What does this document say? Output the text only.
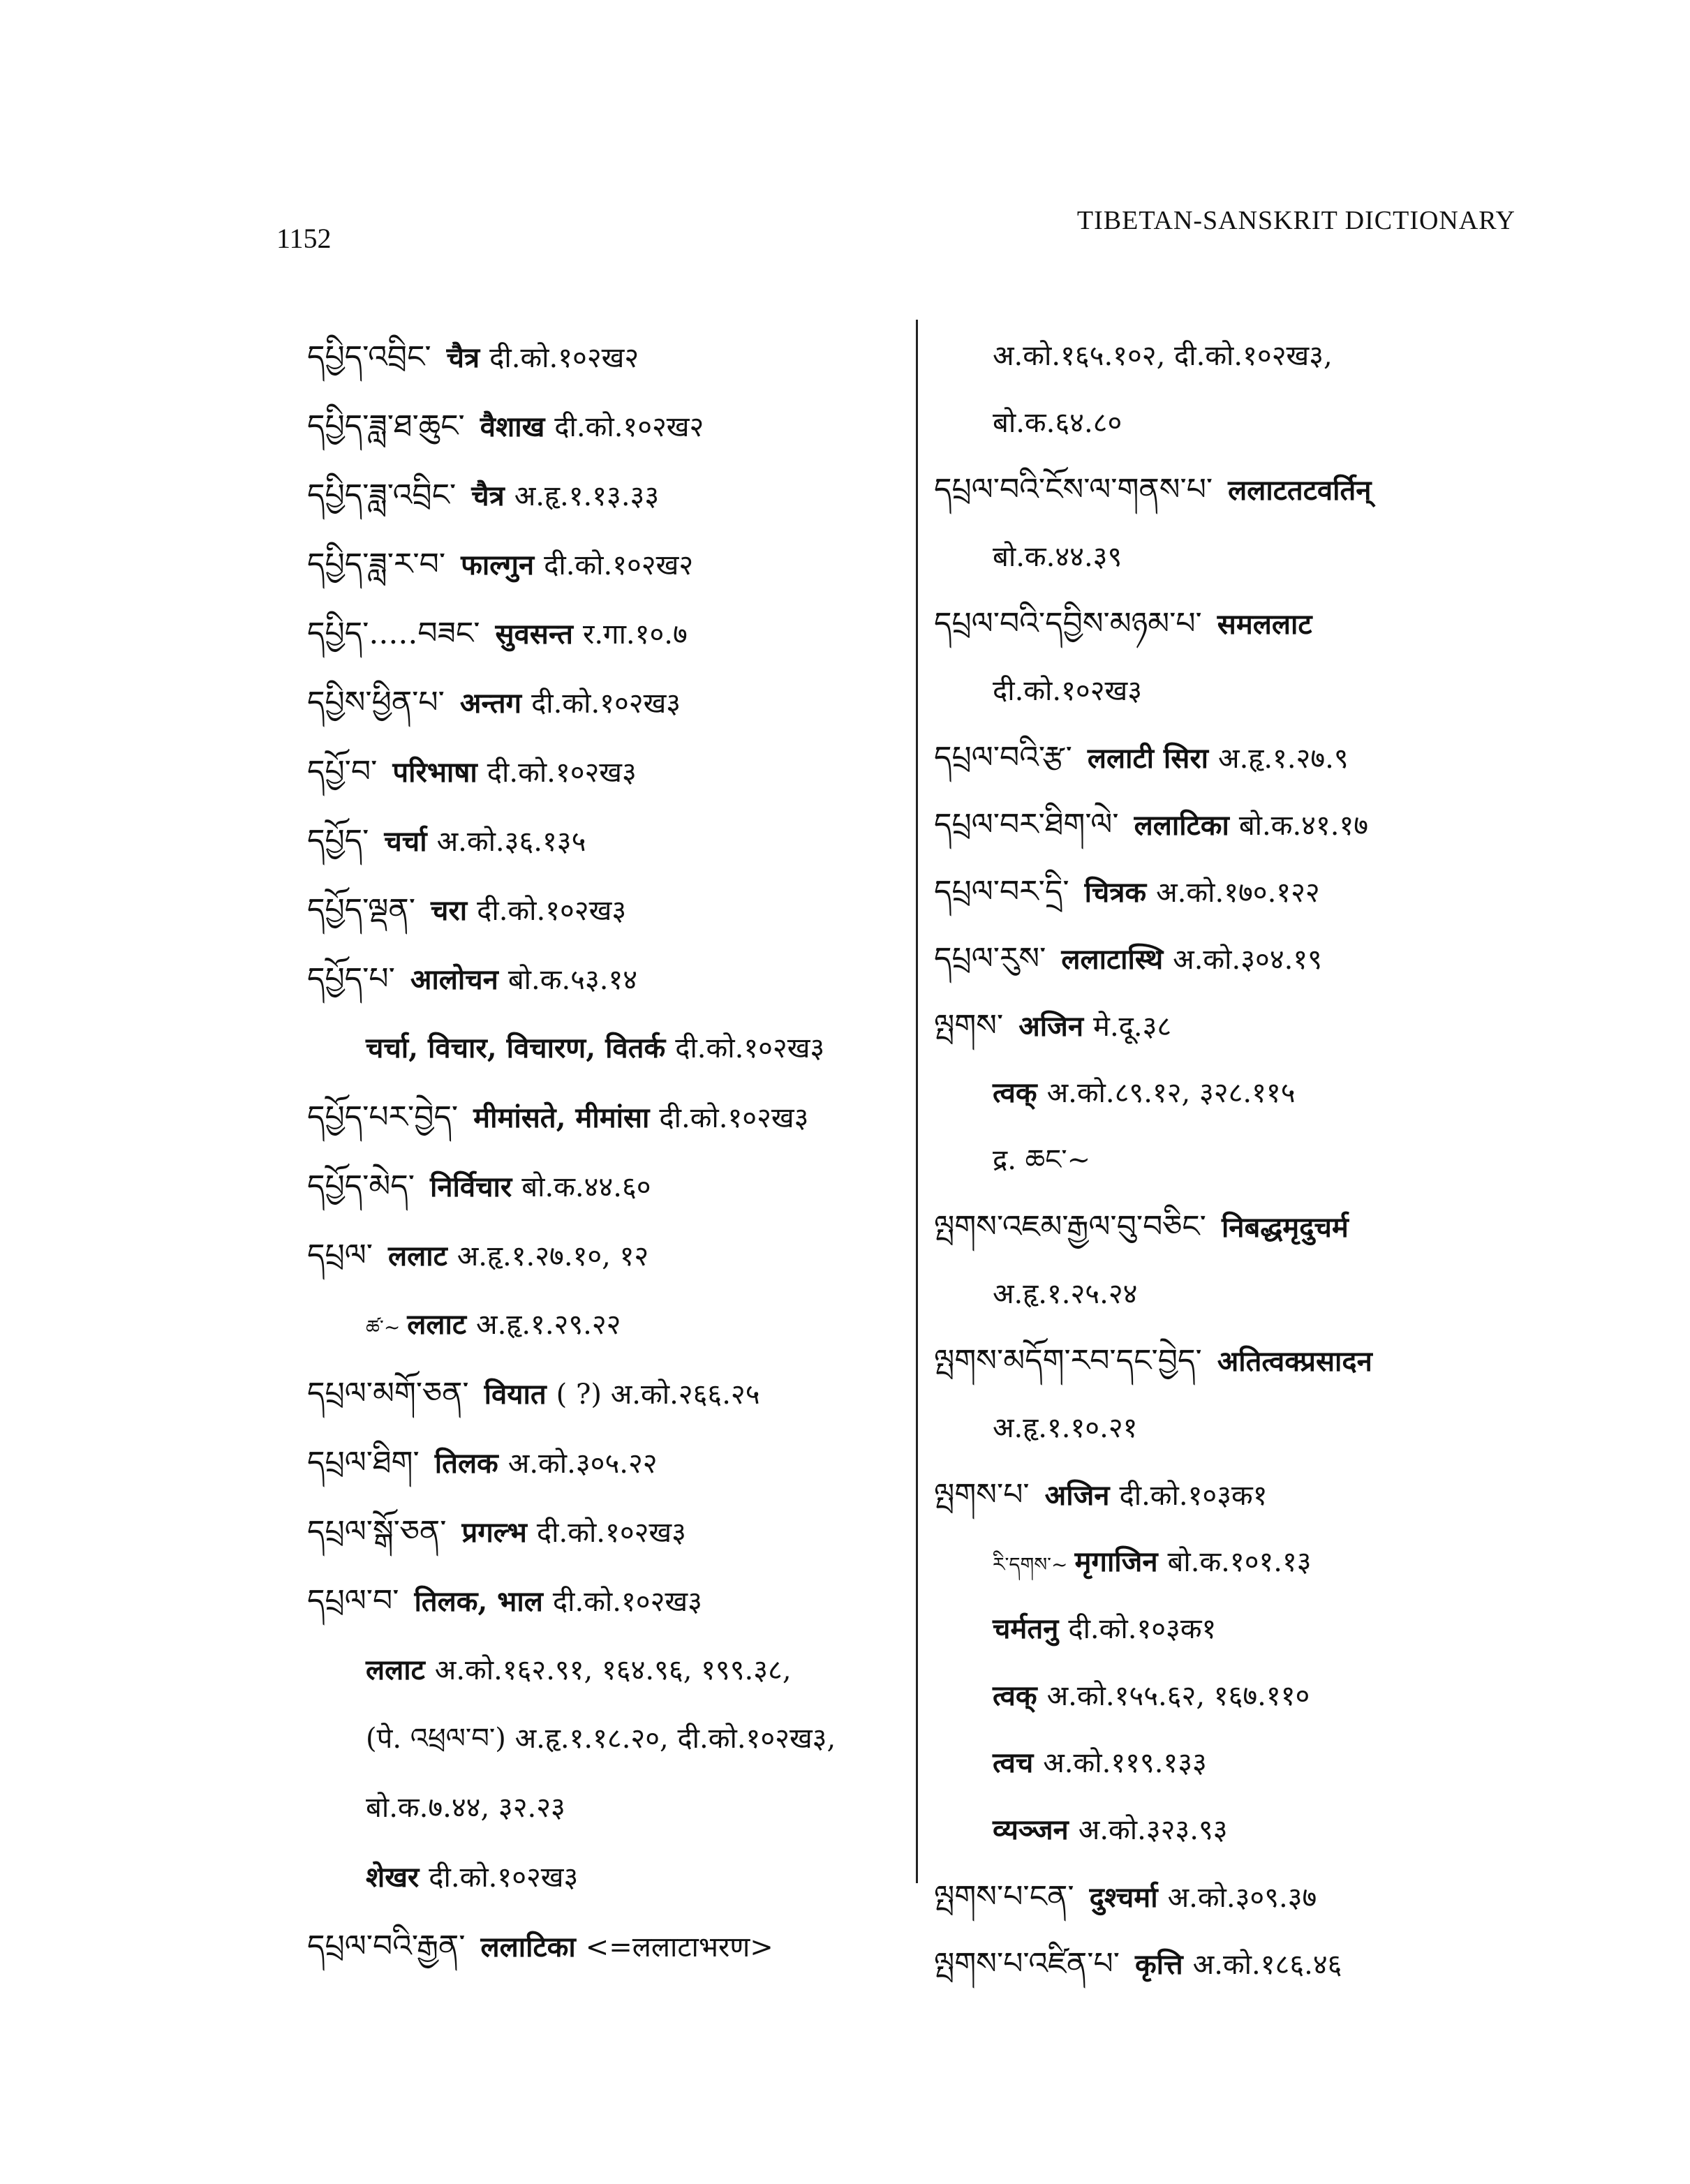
1152
TIBETAN-SANSKRIT DICTIONARY
དཔྱིད་འབྲིང་ चैत्र दी.को.१०२ख२
དཔྱིད་ཟླ་ཐ་ཆུང་ वैशाख दी.को.१०२ख२
དཔྱིད་ཟླ་འབྲིང་ चैत्र अ.हृ.१.१३.३३
དཔྱིད་ཟླ་ར་བ་ फाल्गुन दी.को.१०२ख२
དཔྱིད་.....བཟང་ सुवसन्त र.गा.१०.७
དཔྱིས་ཕྱིན་པ་ अन्तग दी.को.१०२ख३
དཔྱོ་བ་ परिभाषा दी.को.१०२ख३
དཔྱོད་ चर्चा अ.को.३६.१३५
དཔྱོད་ལྡན་ चरा दी.को.१०२ख३
དཔྱོད་པ་ आलोचन बो.क.५३.१४
चर्चा, विचार, विचारण, वितर्क दी.को.१०२ख३
དཔྱོད་པར་བྱེད་ मीमांसते, मीमांसा दी.को.१०२ख३
དཔྱོད་མེད་ निर्विचार बो.क.४४.६०
དཔྲལ་ ललाट अ.हृ.१.२७.१०, १२
ཚ་~ ललाट अ.हृ.१.२९.२२
དཔྲལ་མགོ་ཅན་ वियात ( ?) अ.को.२६६.२५
དཔྲལ་ཐིག་ तिलक अ.को.३०५.२२
དཔྲལ་སྒོ་ཅན་ प्रगल्भ दी.को.१०२ख३
དཔྲལ་བ་ तिलक, भाल दी.को.१०२ख३
ललाट अ.को.१६२.९१, १६४.९६, १९९.३८,
(पे. འཕྲལ་བ་) अ.हृ.१.१८.२०, दी.को.१०२ख३,
बो.क.७.४४, ३२.२३
शेखर दी.को.१०२ख३
དཔྲལ་བའི་རྒྱན་ ललाटिका <=ललाटाभरण>
अ.को.१६५.१०२, दी.को.१०२ख३,
बो.क.६४.८०
དཔྲལ་བའི་ངོས་ལ་གནས་པ་ ललाटतटवर्तिन्
बो.क.४४.३९
དཔྲལ་བའི་དབྱིས་མཉམ་པ་ समललाट
दी.को.१०२ख३
དཔྲལ་བའི་རྩ་ ललाटी सिरा अ.हृ.१.२७.९
དཔྲལ་བར་ཐིག་ལེ་ ललाटिका बो.क.४१.१७
དཔྲལ་བར་དྲི་ चित्रक अ.को.१७०.१२२
དཔྲལ་རུས་ ललाटास्थि अ.को.३०४.१९
ལྤགས་ अजिन मे.दू.३८
त्वक् अ.को.८९.१२, ३२८.११५
द्र. ཆང་~
ལྤགས་འཇམ་རྒྱལ་བུ་བཅིང་ निबद्धमृदुचर्म
अ.हृ.१.२५.२४
ལྤགས་མདོག་རབ་དང་བྱེད་ अतित्वक्प्रसादन
अ.हृ.१.१०.२१
ལྤགས་པ་ अजिन दी.को.१०३क१
རི་དགས་~ मृगाजिन बो.क.१०१.१३
चर्मतनु दी.को.१०३क१
त्वक् अ.को.१५५.६२, १६७.११०
त्वच अ.को.११९.१३३
व्यञ्जन अ.को.३२३.९३
ལྤགས་པ་ངན་ दुश्चर्मा अ.को.३०९.३७
ལྤགས་པ་འཛིན་པ་ कृत्ति अ.को.१८६.४६
